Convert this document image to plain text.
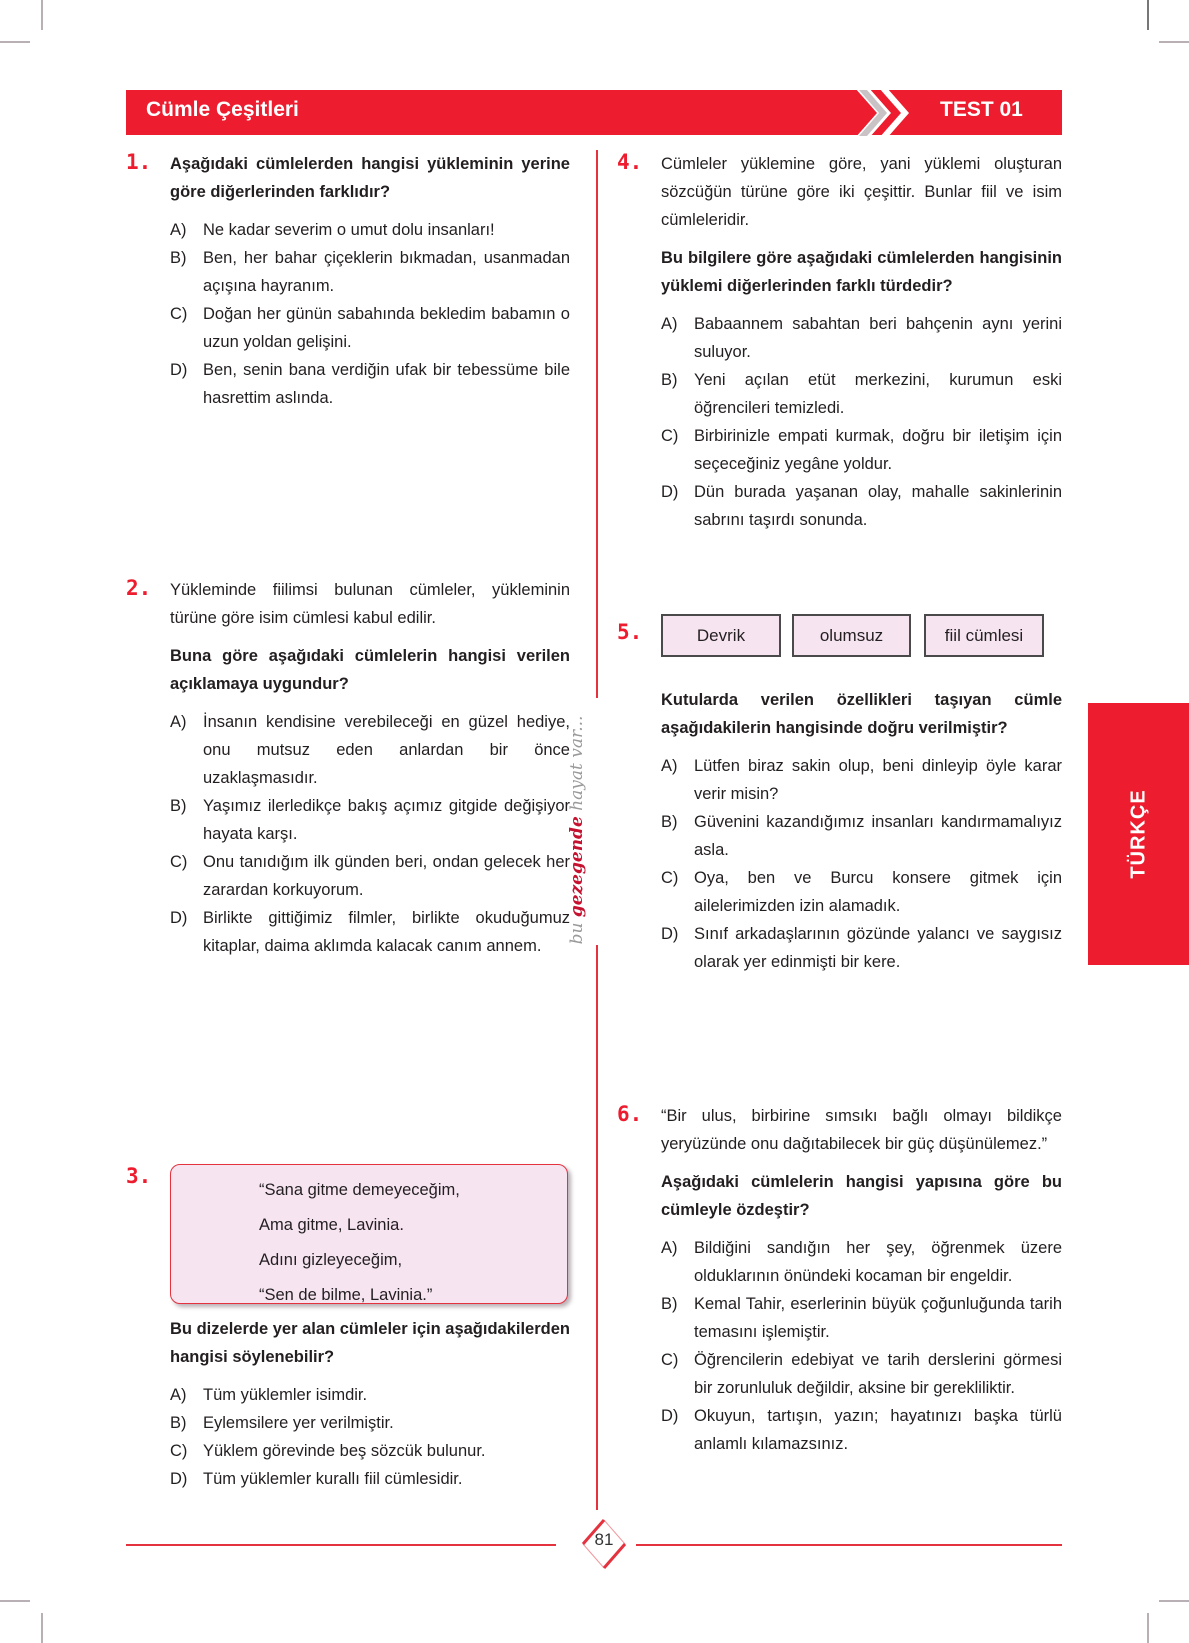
Cümle Çeşitleri	TEST 01
bu gezegende hayat var...
TÜRKÇE
1. Aşağıdaki cümlelerden hangisi yükleminin yerine göre diğerlerinden farklıdır?
A)	Ne kadar severim o umut dolu insanları!
B)	Ben, her bahar çiçeklerin bıkmadan, usanmadan açışına hayranım.
C) Doğan her günün sabahında bekledim babamın o uzun yoldan gelişini.
D) Ben, senin bana verdiğin ufak bir tebessüme bile hasrettim aslında.
2. Yükleminde fiilimsi bulunan cümleler, yükleminin türüne göre isim cümlesi kabul edilir.
Buna göre aşağıdaki cümlelerin hangisi verilen açıklamaya uygundur?
A)	İnsanın kendisine verebileceği en güzel hediye, onu mutsuz eden anlardan bir önce uzaklaşmasıdır.
B)	Yaşımız ilerledikçe bakış açımız gitgide değişiyor hayata karşı.
C) Onu tanıdığım ilk günden beri, ondan gelecek her zarardan korkuyorum.
D) Birlikte gittiğimiz filmler, birlikte okuduğumuz kitaplar, daima aklımda kalacak canım annem.
3.
“Sana gitme demeyeceğim,
Ama gitme, Lavinia.
Adını gizleyeceğim,
“Sen de bilme, Lavinia.”
Bu dizelerde yer alan cümleler için aşağıdakilerden hangisi söylenebilir?
A)	Tüm yüklemler isimdir.
B)	Eylemsilere yer verilmiştir.
C) Yüklem görevinde beş sözcük bulunur.
D) Tüm yüklemler kurallı fiil cümlesidir.
4. Cümleler yüklemine göre, yani yüklemi oluşturan sözcüğün türüne göre iki çeşittir. Bunlar fiil ve isim cümleleridir.
Bu bilgilere göre aşağıdaki cümlelerden hangisinin yüklemi diğerlerinden farklı türdedir?
A)	Babaannem sabahtan beri bahçenin aynı yerini suluyor.
B)	Yeni açılan etüt merkezini, kurumun eski öğrencileri temizledi.
C) Birbirinizle empati kurmak, doğru bir iletişim için seçeceğiniz yegâne yoldur.
D) Dün burada yaşanan olay, mahalle sakinlerinin sabrını taşırdı sonunda.
5.	Devrik	olumsuz	fiil cümlesi
Kutularda verilen özellikleri taşıyan cümle aşağıdakilerin hangisinde doğru verilmiştir?
A)	Lütfen biraz sakin olup, beni dinleyip öyle karar verir misin?
B)	Güvenini kazandığımız insanları kandırmamalıyız asla.
C) Oya, ben ve Burcu konsere gitmek için ailelerimizden izin alamadık.
D) Sınıf arkadaşlarının gözünde yalancı ve saygısız olarak yer edinmişti bir kere.
6. “Bir ulus, birbirine sımsıkı bağlı olmayı bildikçe yeryüzünde onu dağıtabilecek bir güç düşünülemez.”
Aşağıdaki cümlelerin hangisi yapısına göre bu cümleyle özdeştir?
A)	Bildiğini sandığın her şey, öğrenmek üzere olduklarının önündeki kocaman bir engeldir.
B)	Kemal Tahir, eserlerinin büyük çoğunluğunda tarih temasını işlemiştir.
C) Öğrencilerin edebiyat ve tarih derslerini görmesi bir zorunluluk değildir, aksine bir gerekliliktir.
D) Okuyun, tartışın, yazın; hayatınızı başka türlü anlamlı kılamazsınız.
81
